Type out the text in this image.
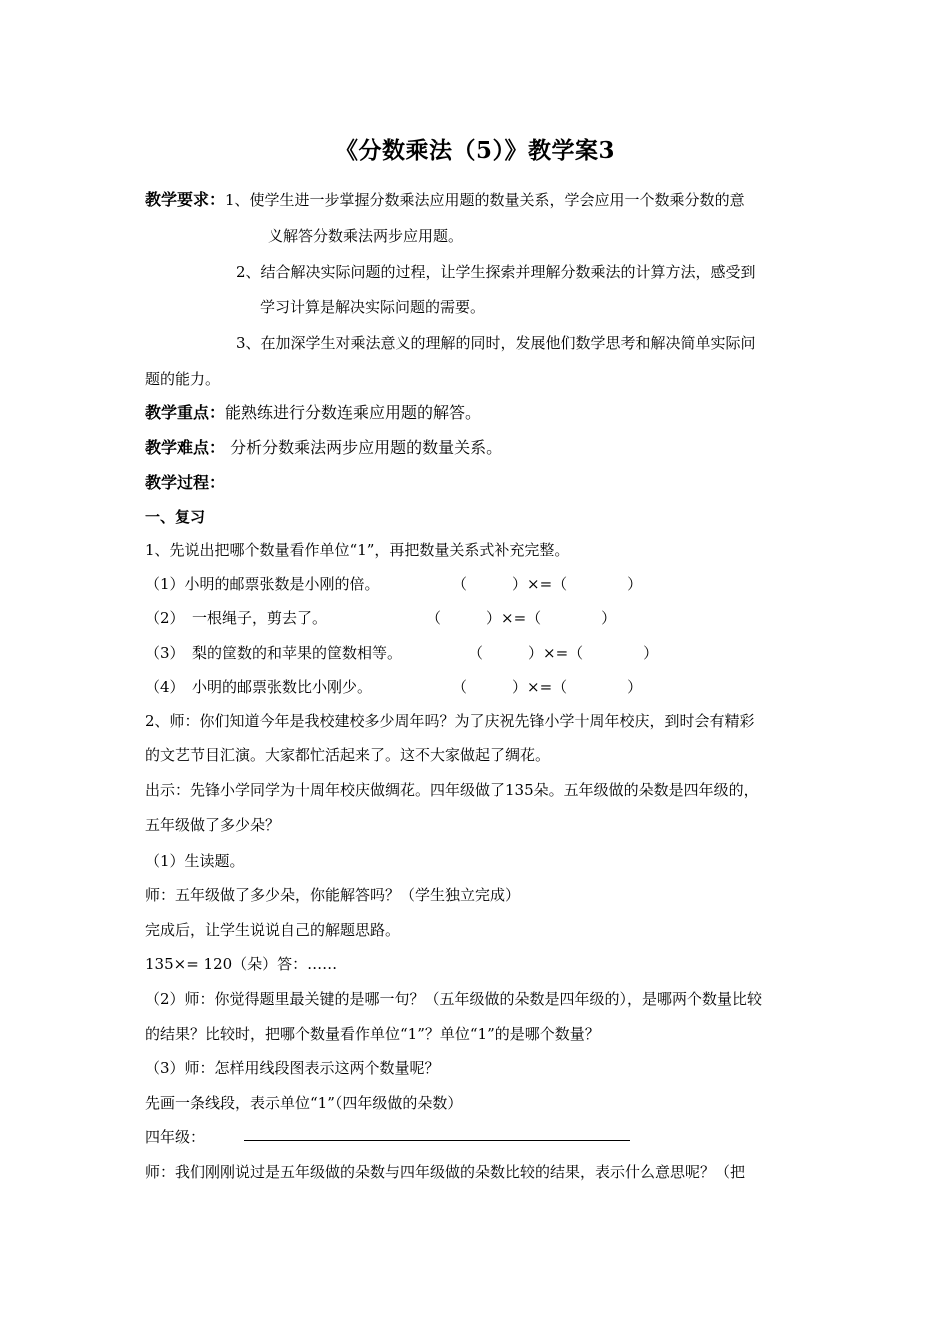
《分数乘法（5）》教学案3
教学要求：1、使学生进一步掌握分数乘法应用题的数量关系，学会应用一个数乘分数的意
义解答分数乘法两步应用题。
2、结合解决实际问题的过程，让学生探索并理解分数乘法的计算方法，感受到
学习计算是解决实际问题的需要。
3、在加深学生对乘法意义的理解的同时，发展他们数学思考和解决简单实际问
题的能力。
教学重点：能熟练进行分数连乘应用题的解答。
教学难点： 分析分数乘法两步应用题的数量关系。
教学过程：
一、复习
1、先说出把哪个数量看作单位“1”，再把数量关系式补充完整。
（1）小明的邮票张数是小刚的倍。	（　　　）×=（　　　　）
（2）　一根绳子，剪去了。	（　　　）×=（　　　　）
（3）　梨的筐数的和苹果的筐数相等。	（　　　）×=（　　　　）
（4）　小明的邮票张数比小刚少。	（　　　）×=（　　　　）
2、师：你们知道今年是我校建校多少周年吗？为了庆祝先锋小学十周年校庆，到时会有精彩
的文艺节目汇演。大家都忙活起来了。这不大家做起了绸花。
出示：先锋小学同学为十周年校庆做绸花。四年级做了135朵。五年级做的朵数是四年级的，
五年级做了多少朵？
（1）生读题。
师：五年级做了多少朵，你能解答吗？（学生独立完成）
完成后，让学生说说自己的解题思路。
135×= 120（朵）答：……
（2）师：你觉得题里最关键的是哪一句？（五年级做的朵数是四年级的），是哪两个数量比较
的结果？比较时，把哪个数量看作单位“1”？单位“1”的是哪个数量？
（3）师：怎样用线段图表示这两个数量呢？
先画一条线段，表示单位“1”（四年级做的朵数）
四年级：
师：我们刚刚说过是五年级做的朵数与四年级做的朵数比较的结果，表示什么意思呢？（把
